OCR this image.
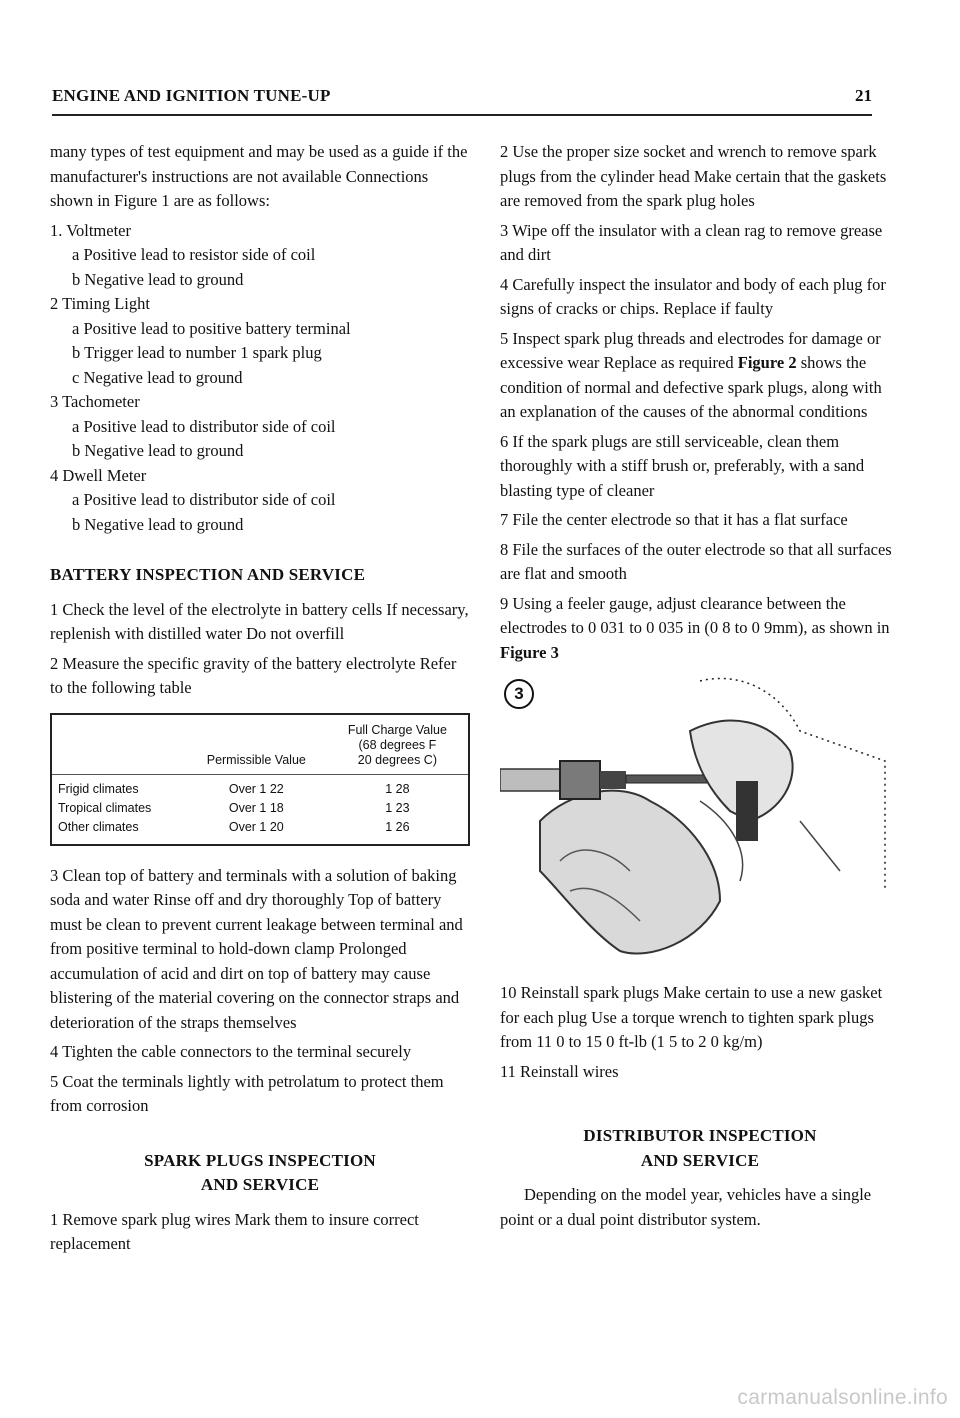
ENGINE AND IGNITION TUNE-UP	21

many types of test equipment and may be used as a guide if the manufacturer's instructions are not available Connections shown in Figure 1 are as follows:

1. Voltmeter
a Positive lead to resistor side of coil
b Negative lead to ground
2 Timing Light
a Positive lead to positive battery terminal
b Trigger lead to number 1 spark plug
c Negative lead to ground
3 Tachometer
a Positive lead to distributor side of coil
b Negative lead to ground
4 Dwell Meter
a Positive lead to distributor side of coil
b Negative lead to ground
BATTERY INSPECTION AND SERVICE

1 Check the level of the electrolyte in battery cells If necessary, replenish with distilled water Do not overfill

2 Measure the specific gravity of the battery electrolyte Refer to the following table

	Permissible Value	Full Charge Value
(68 degrees F
20 degrees C)

Frigid climates	Over 1 22	1 28
Tropical climates	Over 1 18	1 23
Other climates	Over 1 20	1 26

3 Clean top of battery and terminals with a solution of baking soda and water Rinse off and dry thoroughly Top of battery must be clean to prevent current leakage between terminal and from positive terminal to hold-down clamp Prolonged accumulation of acid and dirt on top of battery may cause blistering of the material covering on the connector straps and deterioration of the straps themselves

4 Tighten the cable connectors to the terminal securely

5 Coat the terminals lightly with petrolatum to protect them from corrosion

SPARK PLUGS INSPECTION
AND SERVICE

1 Remove spark plug wires Mark them to insure correct replacement

2 Use the proper size socket and wrench to remove spark plugs from the cylinder head Make certain that the gaskets are removed from the spark plug holes

3 Wipe off the insulator with a clean rag to remove grease and dirt

4 Carefully inspect the insulator and body of each plug for signs of cracks or chips. Replace if faulty

5 Inspect spark plug threads and electrodes for damage or excessive wear Replace as required Figure 2 shows the condition of normal and defective spark plugs, along with an explanation of the causes of the abnormal conditions

6 If the spark plugs are still serviceable, clean them thoroughly with a stiff brush or, preferably, with a sand blasting type of cleaner

7 File the center electrode so that it has a flat surface

8 File the surfaces of the outer electrode so that all surfaces are flat and smooth

9 Using a feeler gauge, adjust clearance between the electrodes to 0 031 to 0 035 in (0 8 to 0 9mm), as shown in Figure 3

3

10 Reinstall spark plugs Make certain to use a new gasket for each plug Use a torque wrench to tighten spark plugs from 11 0 to 15 0 ft-lb (1 5 to 2 0 kg/m)

11 Reinstall wires

DISTRIBUTOR INSPECTION
AND SERVICE

Depending on the model year, vehicles have a single point or a dual point distributor system.

carmanualsonline.info
